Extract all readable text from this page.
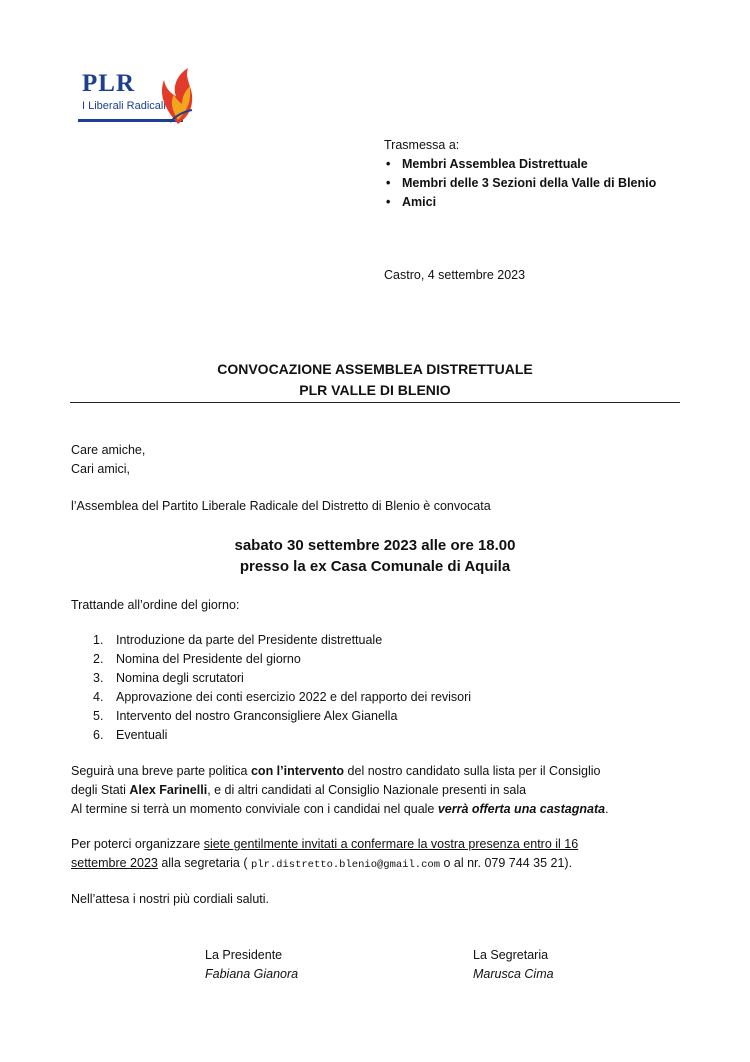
PLR
I Liberali Radicali
Trasmessa a:
• Membri Assemblea Distrettuale
• Membri delle 3 Sezioni della Valle di Blenio
• Amici
Castro, 4 settembre 2023
CONVOCAZIONE ASSEMBLEA DISTRETTUALE
PLR VALLE DI BLENIO
Care amiche,
Cari amici,
l’Assemblea del Partito Liberale Radicale del Distretto di Blenio è convocata
sabato 30 settembre 2023 alle ore 18.00
presso la ex Casa Comunale di Aquila
Trattande all’ordine del giorno:
1.	Introduzione da parte del Presidente distrettuale
2.	Nomina del Presidente del giorno
3.	Nomina degli scrutatori
4.	Approvazione dei conti esercizio 2022 e del rapporto dei revisori
5.	Intervento del nostro Granconsigliere Alex Gianella
6.	Eventuali
Seguirà una breve parte politica con l’intervento del nostro candidato sulla lista per il Consiglio
degli Stati Alex Farinelli, e di altri candidati al Consiglio Nazionale presenti in sala
Al termine si terrà un momento conviviale con i candidai nel quale verrà offerta una castagnata.
Per poterci organizzare siete gentilmente invitati a confermare la vostra presenza entro il 16
settembre 2023 alla segretaria ( plr.distretto.blenio@gmail.com o al nr. 079 744 35 21).
Nell’attesa i nostri più cordiali saluti.
La Presidente
Fabiana Gianora
La Segretaria
Marusca Cima
